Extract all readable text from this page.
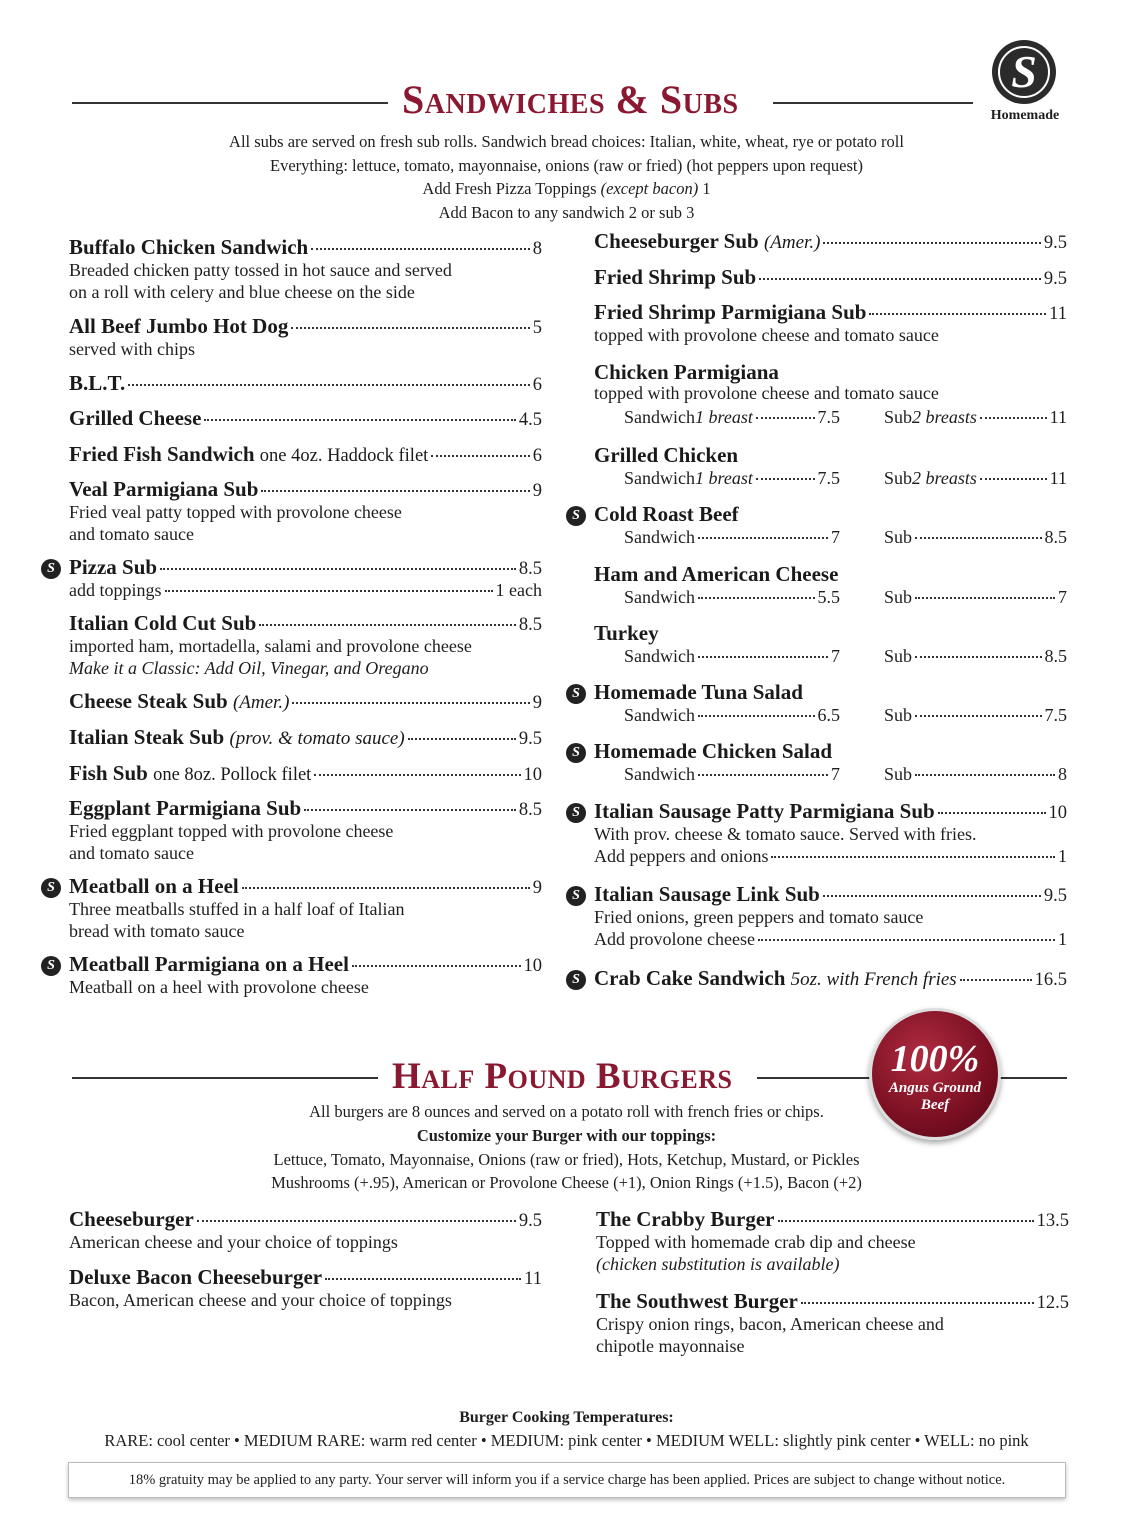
Sandwiches & Subs
S
Homemade
All subs are served on fresh sub rolls. Sandwich bread choices: Italian, white, wheat, rye or potato roll
Everything: lettuce, tomato, mayonnaise, onions (raw or fried) (hot peppers upon request)
Add Fresh Pizza Toppings (except bacon) 1
Add Bacon to any sandwich 2 or sub 3
Half Pound Burgers	100%
Angus Ground
Beef
All burgers are 8 ounces and served on a potato roll with french fries or chips.
Customize your Burger with our toppings:
Lettuce, Tomato, Mayonnaise, Onions (raw or fried), Hots, Ketchup, Mustard, or Pickles
Mushrooms (+.95), American or Provolone Cheese (+1), Onion Rings (+1.5), Bacon (+2)
Burger Cooking Temperatures:
RARE: cool center • MEDIUM RARE: warm red center • MEDIUM: pink center • MEDIUM WELL: slightly pink center • WELL: no pink
18% gratuity may be applied to any party. Your server will inform you if a service charge has been applied. Prices are subject to change without notice.
Buffalo Chicken Sandwich	8
Breaded chicken patty tossed in hot sauce and served
on a roll with celery and blue cheese on the side
All Beef Jumbo Hot Dog	5
served with chips
B.L.T.	6
Grilled Cheese	4.5
Fried Fish Sandwich one 4oz. Haddock filet	6
Veal Parmigiana Sub	9
Fried veal patty topped with provolone cheese
and tomato sauce
S Pizza Sub	8.5
add toppings	1 each
Italian Cold Cut Sub	8.5
imported ham, mortadella, salami and provolone cheese
Make it a Classic: Add Oil, Vinegar, and Oregano
Cheese Steak Sub (Amer.)	9
Italian Steak Sub (prov. & tomato sauce)	9.5
Fish Sub one 8oz. Pollock filet	10
Eggplant Parmigiana Sub	8.5
Fried eggplant topped with provolone cheese
and tomato sauce
S Meatball on a Heel	9
Three meatballs stuffed in a half loaf of Italian
bread with tomato sauce
S Meatball Parmigiana on a Heel	10
Meatball on a heel with provolone cheese
Cheeseburger Sub (Amer.)	9.5
Fried Shrimp Sub	9.5
Fried Shrimp Parmigiana Sub	11
topped with provolone cheese and tomato sauce
Chicken Parmigiana
topped with provolone cheese and tomato sauce
Sandwich 1 breast	7.5 Sub 2 breasts	11
Grilled Chicken
Sandwich 1 breast	7.5 Sub 2 breasts	11
S Cold Roast Beef
Sandwich	7 Sub	8.5
Ham and American Cheese
Sandwich	5.5 Sub	7
Turkey
Sandwich	7 Sub	8.5
S Homemade Tuna Salad
Sandwich	6.5 Sub	7.5
S Homemade Chicken Salad
Sandwich	7 Sub	8
S Italian Sausage Patty Parmigiana Sub	10
With prov. cheese & tomato sauce. Served with fries.
Add peppers and onions	1
S Italian Sausage Link Sub	9.5
Fried onions, green peppers and tomato sauce
Add provolone cheese	1
S Crab Cake Sandwich 5oz. with French fries	16.5
Cheeseburger	9.5
American cheese and your choice of toppings
Deluxe Bacon Cheeseburger	11
Bacon, American cheese and your choice of toppings
The Crabby Burger	13.5
Topped with homemade crab dip and cheese
(chicken substitution is available)
The Southwest Burger	12.5
Crispy onion rings, bacon, American cheese and
chipotle mayonnaise
